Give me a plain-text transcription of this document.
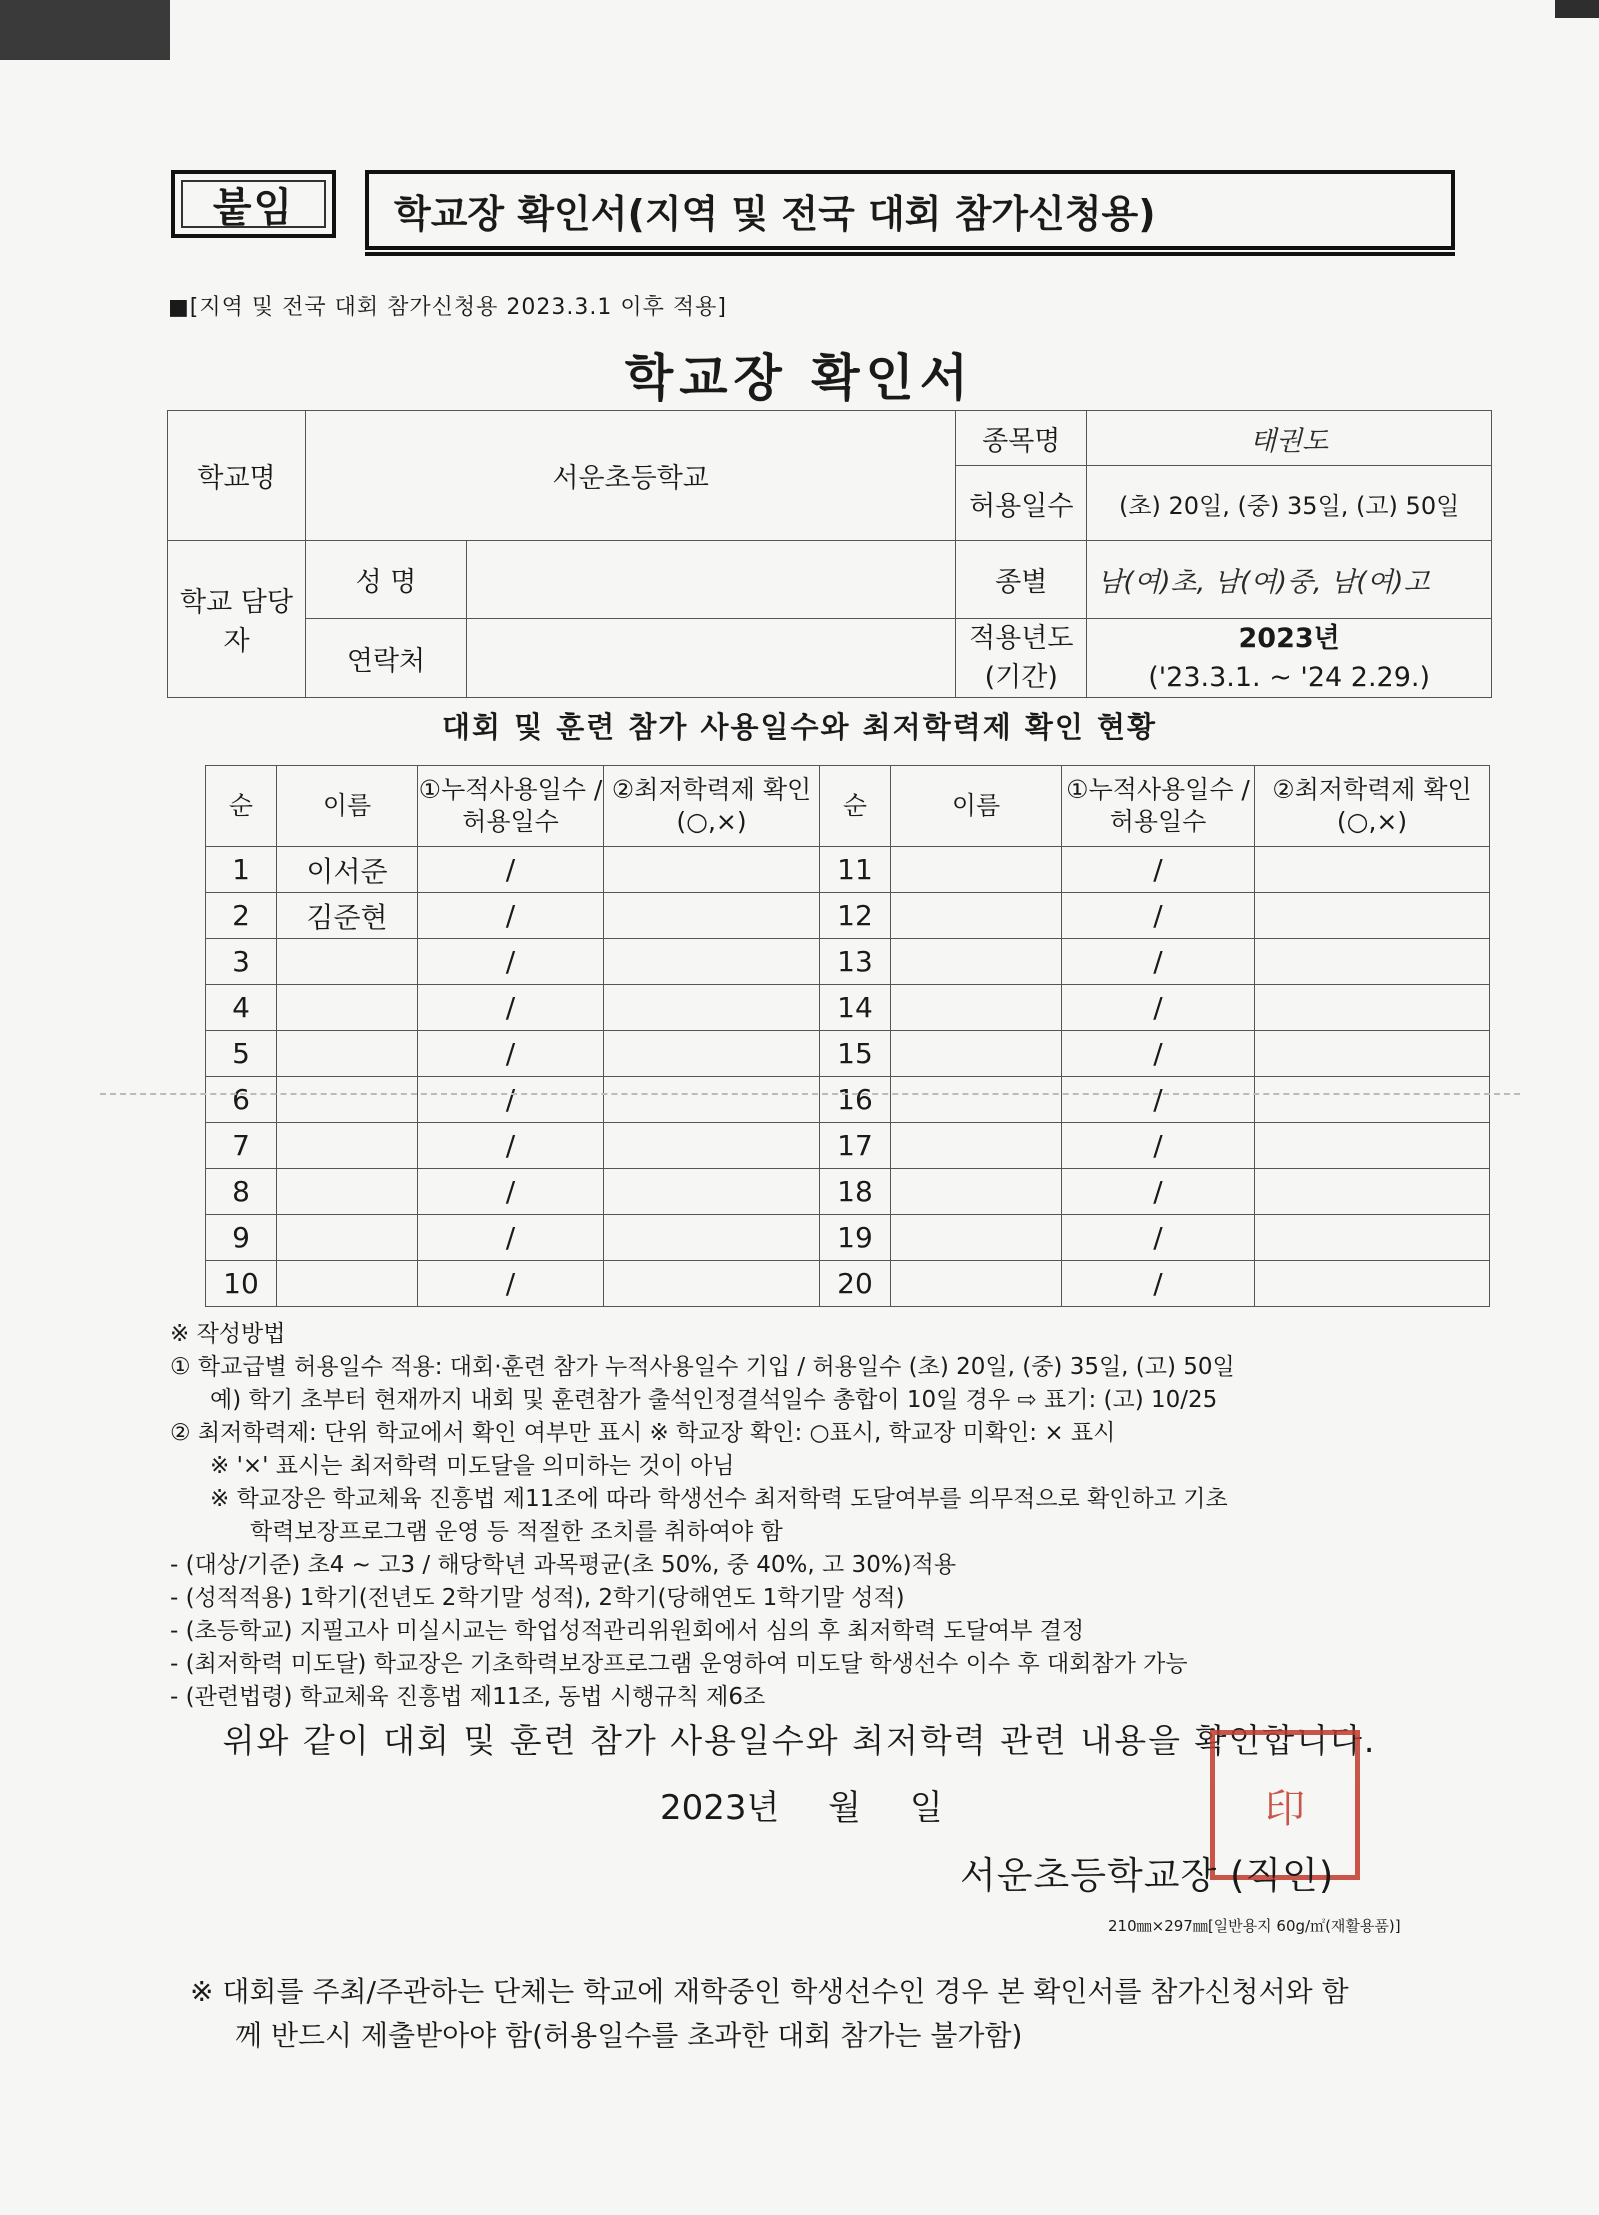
붙임	학교장 확인서(지역 및 전국 대회 참가신청용)
■[지역 및 전국 대회 참가신청용 2023.3.1 이후 적용]
학교장 확인서
학교명	서운초등학교		종목명	태권도
			허용일수	(초) 20일, (중) 35일, (고) 50일
학교 담당자	성 명		종별	남(여)초, 남(여)중, 남(여)고
	연락처		적용년도 (기간)	2023년
('23.3.1. ~ '24 2.29.)
대회 및 훈련 참가 사용일수와 최저학력제 확인 현황
순	이름	①누적사용일수 /허용일수	②최저학력제 확인(○,×)	순	이름	①누적사용일수 /허용일수	②최저학력제 확인(○,×)
1	이서준	/		11		/	
2	김준현	/		12		/	
3		/		13		/	
4		/		14		/	
5		/		15		/	
6		/		16		/	
7		/		17		/	
8		/		18		/	
9		/		19		/	
10		/		20		/	
※ 작성방법
① 학교급별 허용일수 적용: 대회·훈련 참가 누적사용일수 기입 / 허용일수 (초) 20일, (중) 35일, (고) 50일
예) 학기 초부터 현재까지 내회 및 훈련참가 출석인정결석일수 총합이 10일 경우 ⇨ 표기: (고) 10/25
② 최저학력제: 단위 학교에서 확인 여부만 표시 ※ 학교장 확인: ○표시, 학교장 미확인: × 표시
※ '×' 표시는 최저학력 미도달을 의미하는 것이 아님
※ 학교장은 학교체육 진흥법 제11조에 따라 학생선수 최저학력 도달여부를 의무적으로 확인하고 기초
학력보장프로그램 운영 등 적절한 조치를 취하여야 함
- (대상/기준) 초4 ~ 고3 / 해당학년 과목평균(초 50%, 중 40%, 고 30%)적용
- (성적적용) 1학기(전년도 2학기말 성적), 2학기(당해연도 1학기말 성적)
- (초등학교) 지필고사 미실시교는 학업성적관리위원회에서 심의 후 최저학력 도달여부 결정
- (최저학력 미도달) 학교장은 기초학력보장프로그램 운영하여 미도달 학생선수 이수 후 대회참가 가능
- (관련법령) 학교체육 진흥법 제11조, 동법 시행규칙 제6조
위와 같이 대회 및 훈련 참가 사용일수와 최저학력 관련 내용을 확인합니다.
2023년 월 일	印
서운초등학교장 (직인)
210㎜×297㎜[일반용지 60g/㎡(재활용품)]
※ 대회를 주최/주관하는 단체는 학교에 재학중인 학생선수인 경우 본 확인서를 참가신청서와 함
께 반드시 제출받아야 함(허용일수를 초과한 대회 참가는 불가함)
